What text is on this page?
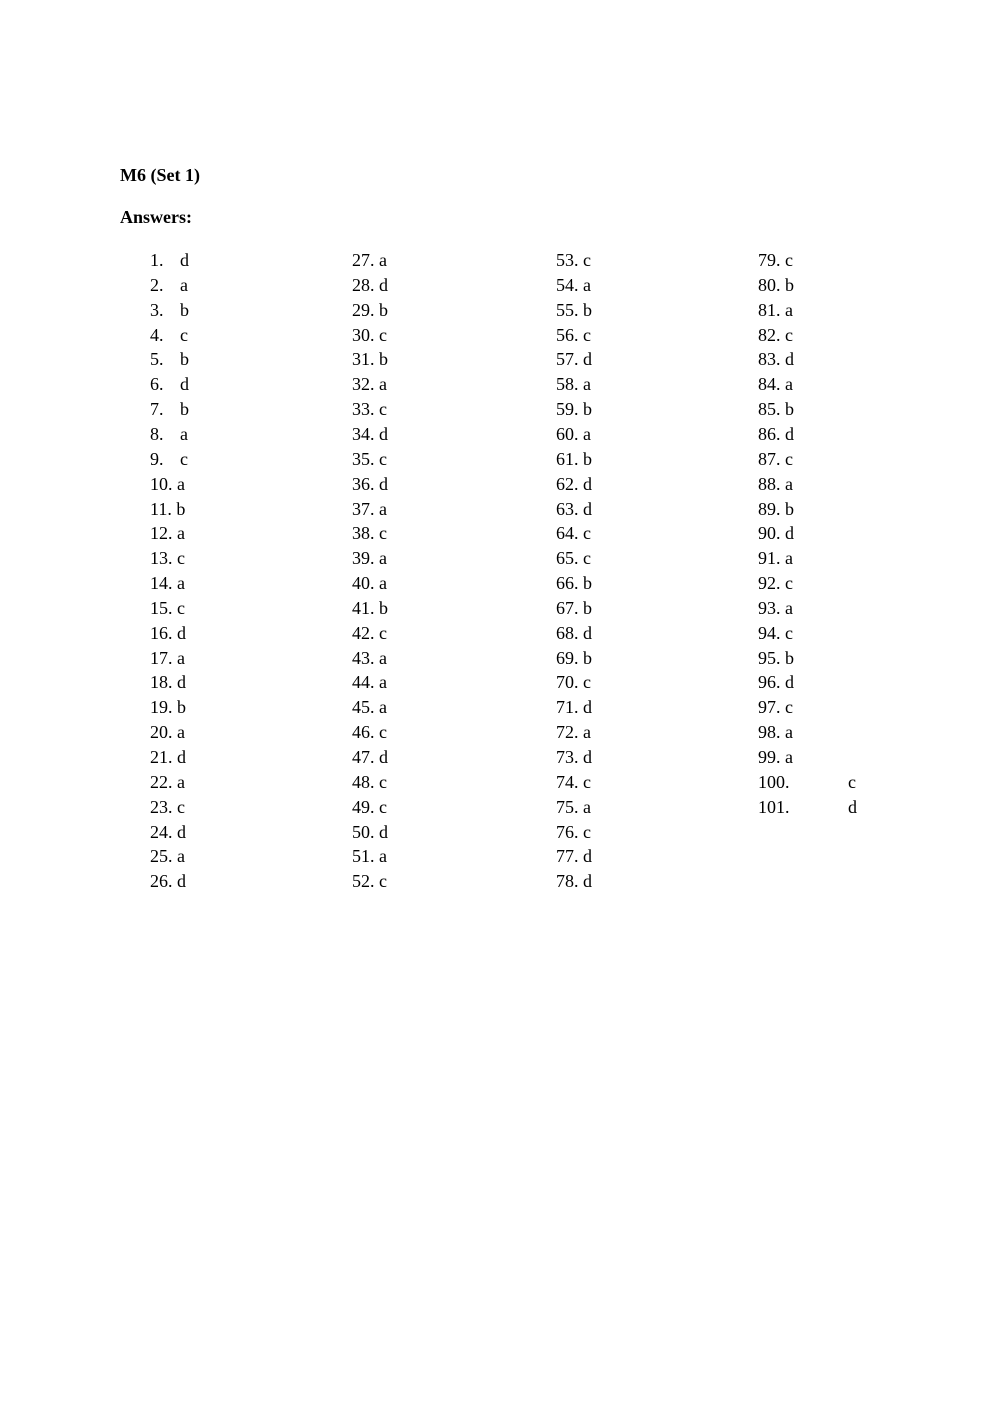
M6 (Set 1)
Answers:
1. d
2. a
3. b
4. c
5. b
6. d
7. b
8. a
9. c
10. a
11. b
12. a
13. c
14. a
15. c
16. d
17. a
18. d
19. b
20. a
21. d
22. a
23. c
24. d
25. a
26. d
27. a
28. d
29. b
30. c
31. b
32. a
33. c
34. d
35. c
36. d
37. a
38. c
39. a
40. a
41. b
42. c
43. a
44. a
45. a
46. c
47. d
48. c
49. c
50. d
51. a
52. c
53. c
54. a
55. b
56. c
57. d
58. a
59. b
60. a
61. b
62. d
63. d
64. c
65. c
66. b
67. b
68. d
69. b
70. c
71. d
72. a
73. d
74. c
75. a
76. c
77. d
78. d
79. c
80. b
81. a
82. c
83. d
84. a
85. b
86. d
87. c
88. a
89. b
90. d
91. a
92. c
93. a
94. c
95. b
96. d
97. c
98. a
99. a
100.	c
101.	d
